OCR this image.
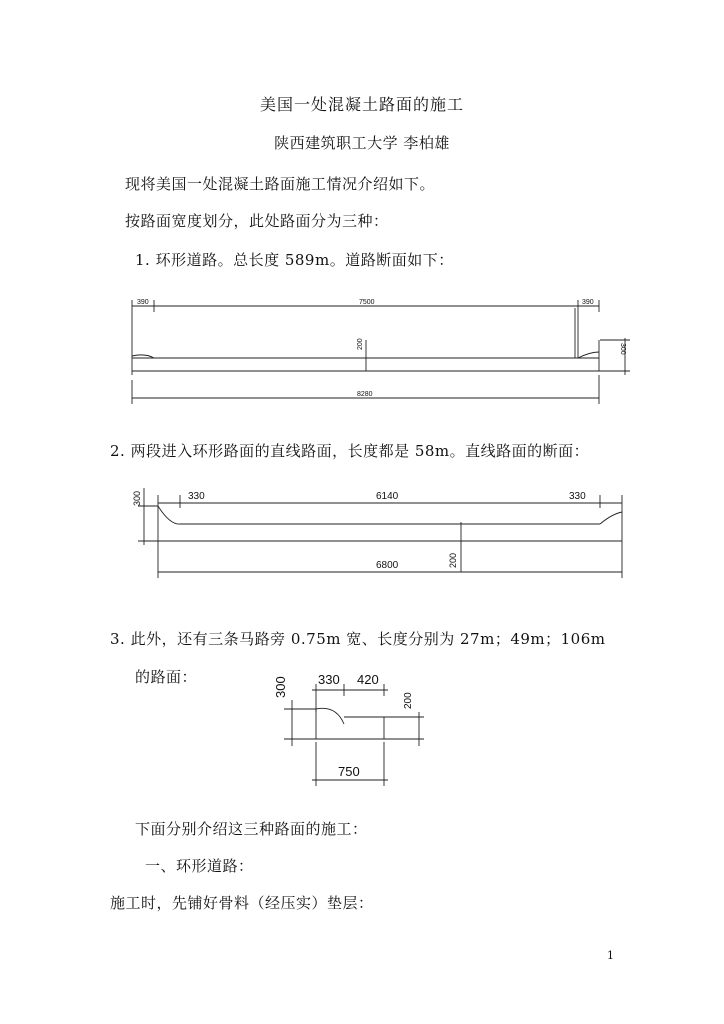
美国一处混凝土路面的施工
陕西建筑职工大学 李柏雄
现将美国一处混凝土路面施工情况介绍如下。
按路面宽度划分，此处路面分为三种：
1. 环形道路。总长度 589m。道路断面如下：
390	7500	390
200	300
8280
2. 两段进入环形路面的直线路面，长度都是 58m。直线路面的断面：
300	330	6140	330
200
6800
3. 此外，还有三条马路旁 0.75m 宽、长度分别为 27m；49m；106m
的路面：	300 330 420
200
750
下面分别介绍这三种路面的施工：
一、环形道路：
施工时，先铺好骨料（经压实）垫层：
1
